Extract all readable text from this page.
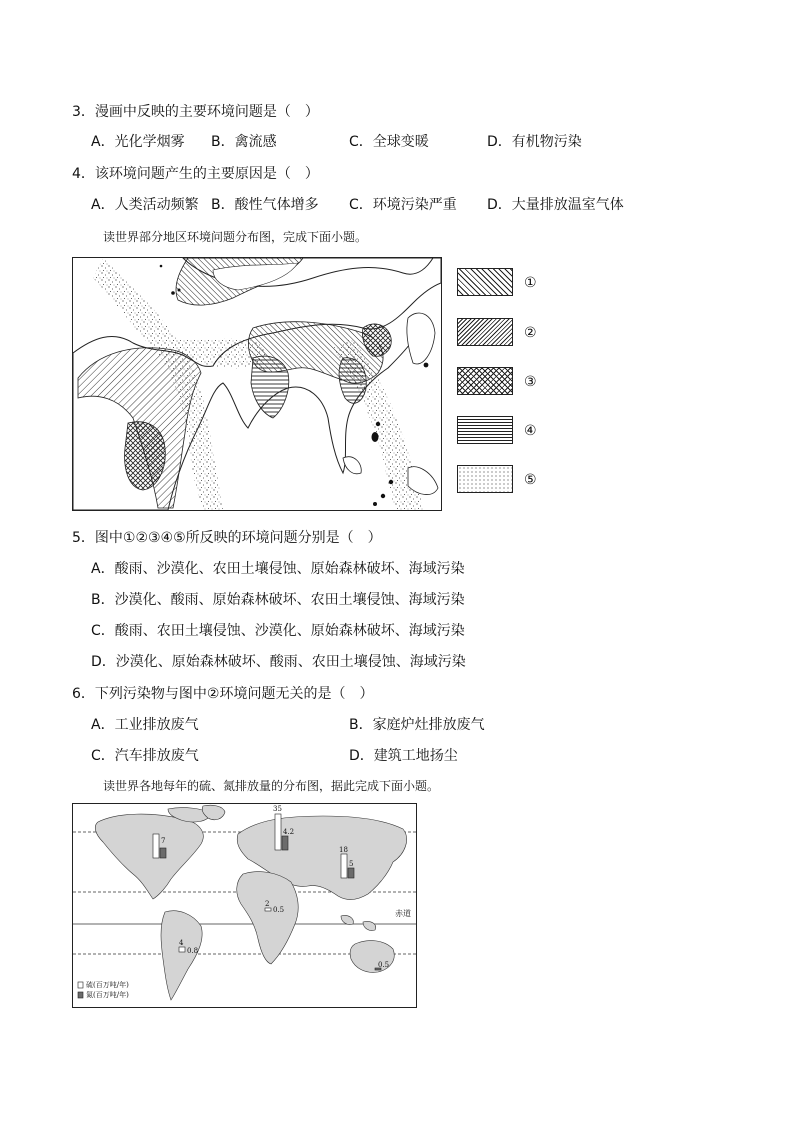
3．漫画中反映的主要环境问题是（　）
A．光化学烟雾 B．禽流感	C．全球变暖	D．有机物污染
4．该环境问题产生的主要原因是（　）
A．人类活动频繁 B．酸性气体增多 C．环境污染严重 D．大量排放温室气体
读世界部分地区环境问题分布图，完成下面小题。
①
②
③
④
⑤
5．图中①②③④⑤所反映的环境问题分别是（　）
A．酸雨、沙漠化、农田土壤侵蚀、原始森林破坏、海域污染
B．沙漠化、酸雨、原始森林破坏、农田土壤侵蚀、海域污染
C．酸雨、农田土壤侵蚀、沙漠化、原始森林破坏、海域污染
D．沙漠化、原始森林破坏、酸雨、农田土壤侵蚀、海域污染
6．下列污染物与图中②环境问题无关的是（　）
A．工业排放废气	B．家庭炉灶排放废气
C．汽车排放废气	D．建筑工地扬尘
读世界各地每年的硫、氮排放量的分布图，据此完成下面小题。
7
35
4.2
18
5
2
0.5
4
0.8
0.5
赤道
硫(百万吨/年)
氮(百万吨/年)
